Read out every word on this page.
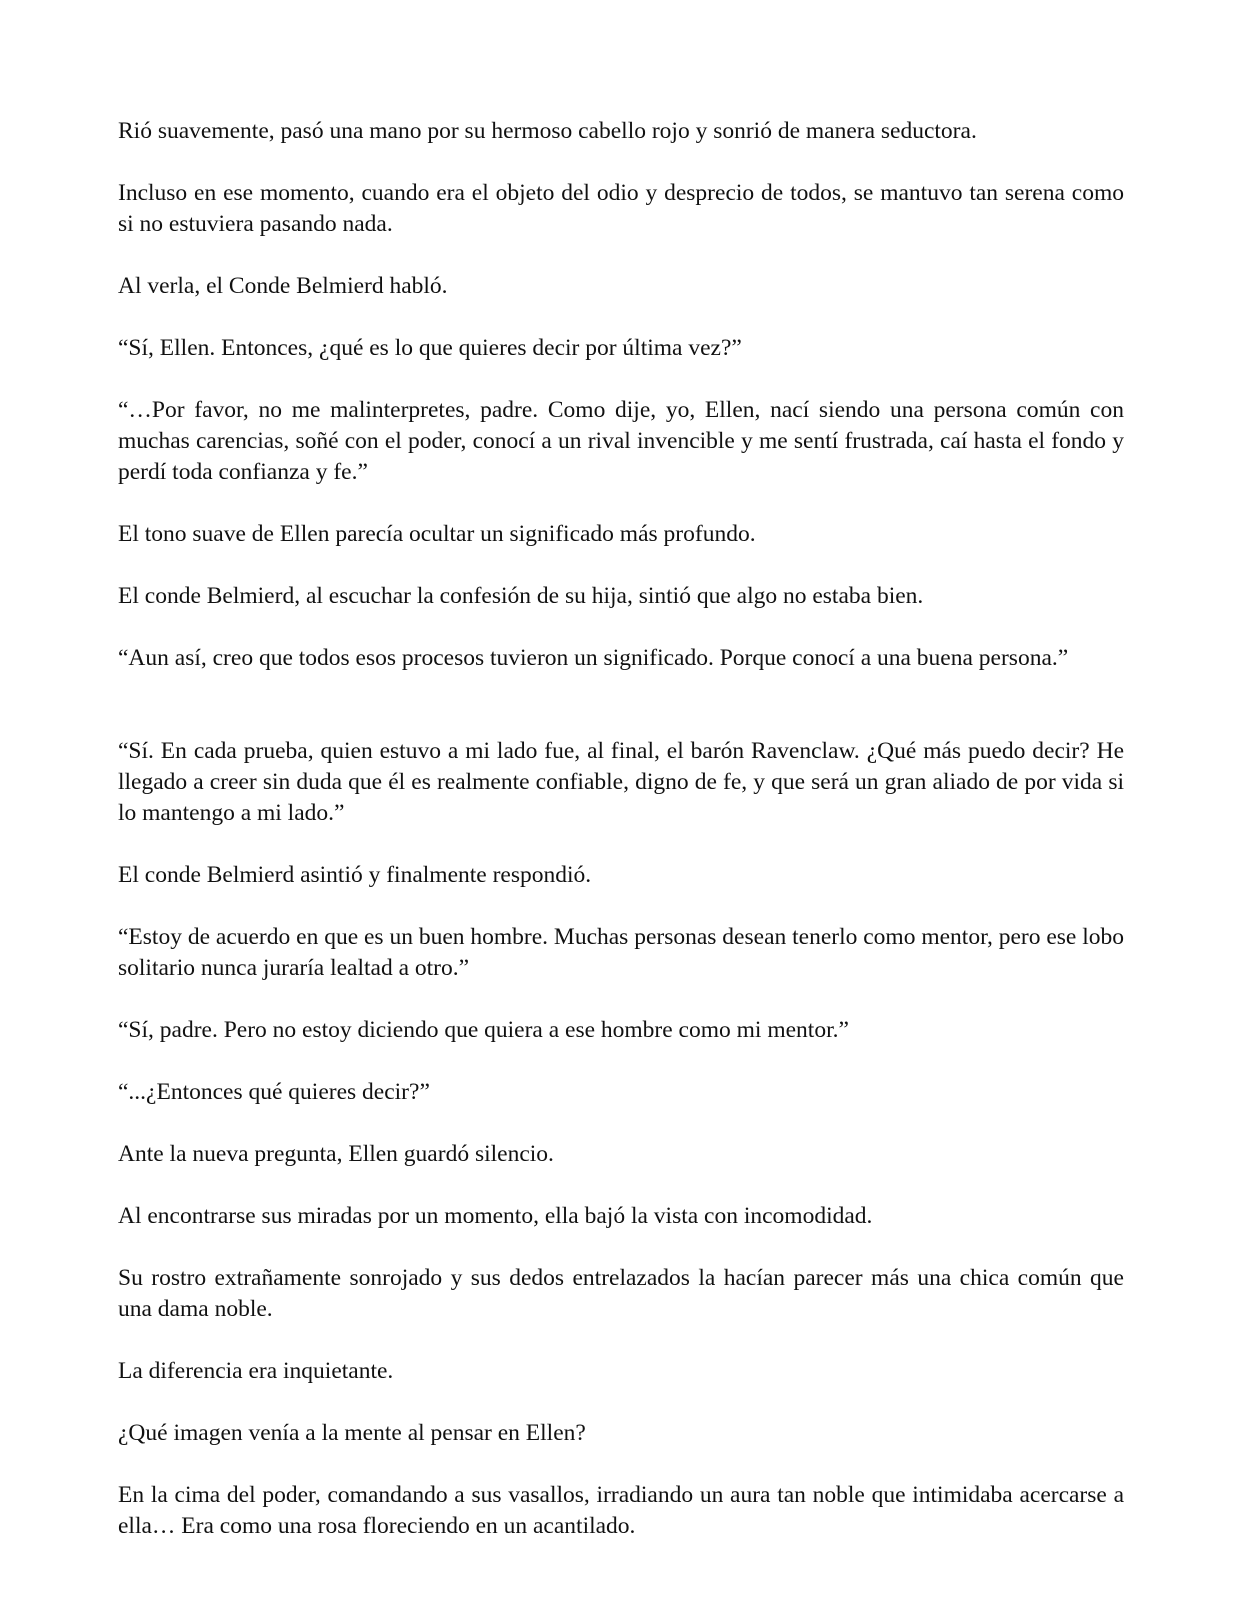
Rió suavemente, pasó una mano por su hermoso cabello rojo y sonrió de manera seductora.

Incluso en ese momento, cuando era el objeto del odio y desprecio de todos, se mantuvo tan serena como si no estuviera pasando nada.

Al verla, el Conde Belmierd habló.

“Sí, Ellen. Entonces, ¿qué es lo que quieres decir por última vez?”

“…Por favor, no me malinterpretes, padre. Como dije, yo, Ellen, nací siendo una persona común con muchas carencias, soñé con el poder, conocí a un rival invencible y me sentí frustrada, caí hasta el fondo y perdí toda confianza y fe.”

El tono suave de Ellen parecía ocultar un significado más profundo.

El conde Belmierd, al escuchar la confesión de su hija, sintió que algo no estaba bien.

“Aun así, creo que todos esos procesos tuvieron un significado. Porque conocí a una buena persona.”

“Sí. En cada prueba, quien estuvo a mi lado fue, al final, el barón Ravenclaw. ¿Qué más puedo decir? He llegado a creer sin duda que él es realmente confiable, digno de fe, y que será un gran aliado de por vida si lo mantengo a mi lado.”

El conde Belmierd asintió y finalmente respondió.

“Estoy de acuerdo en que es un buen hombre. Muchas personas desean tenerlo como mentor, pero ese lobo solitario nunca juraría lealtad a otro.”

“Sí, padre. Pero no estoy diciendo que quiera a ese hombre como mi mentor.”

“...¿Entonces qué quieres decir?”

Ante la nueva pregunta, Ellen guardó silencio.

Al encontrarse sus miradas por un momento, ella bajó la vista con incomodidad.

Su rostro extrañamente sonrojado y sus dedos entrelazados la hacían parecer más una chica común que una dama noble.

La diferencia era inquietante.

¿Qué imagen venía a la mente al pensar en Ellen?

En la cima del poder, comandando a sus vasallos, irradiando un aura tan noble que intimidaba acercarse a ella… Era como una rosa floreciendo en un acantilado.
